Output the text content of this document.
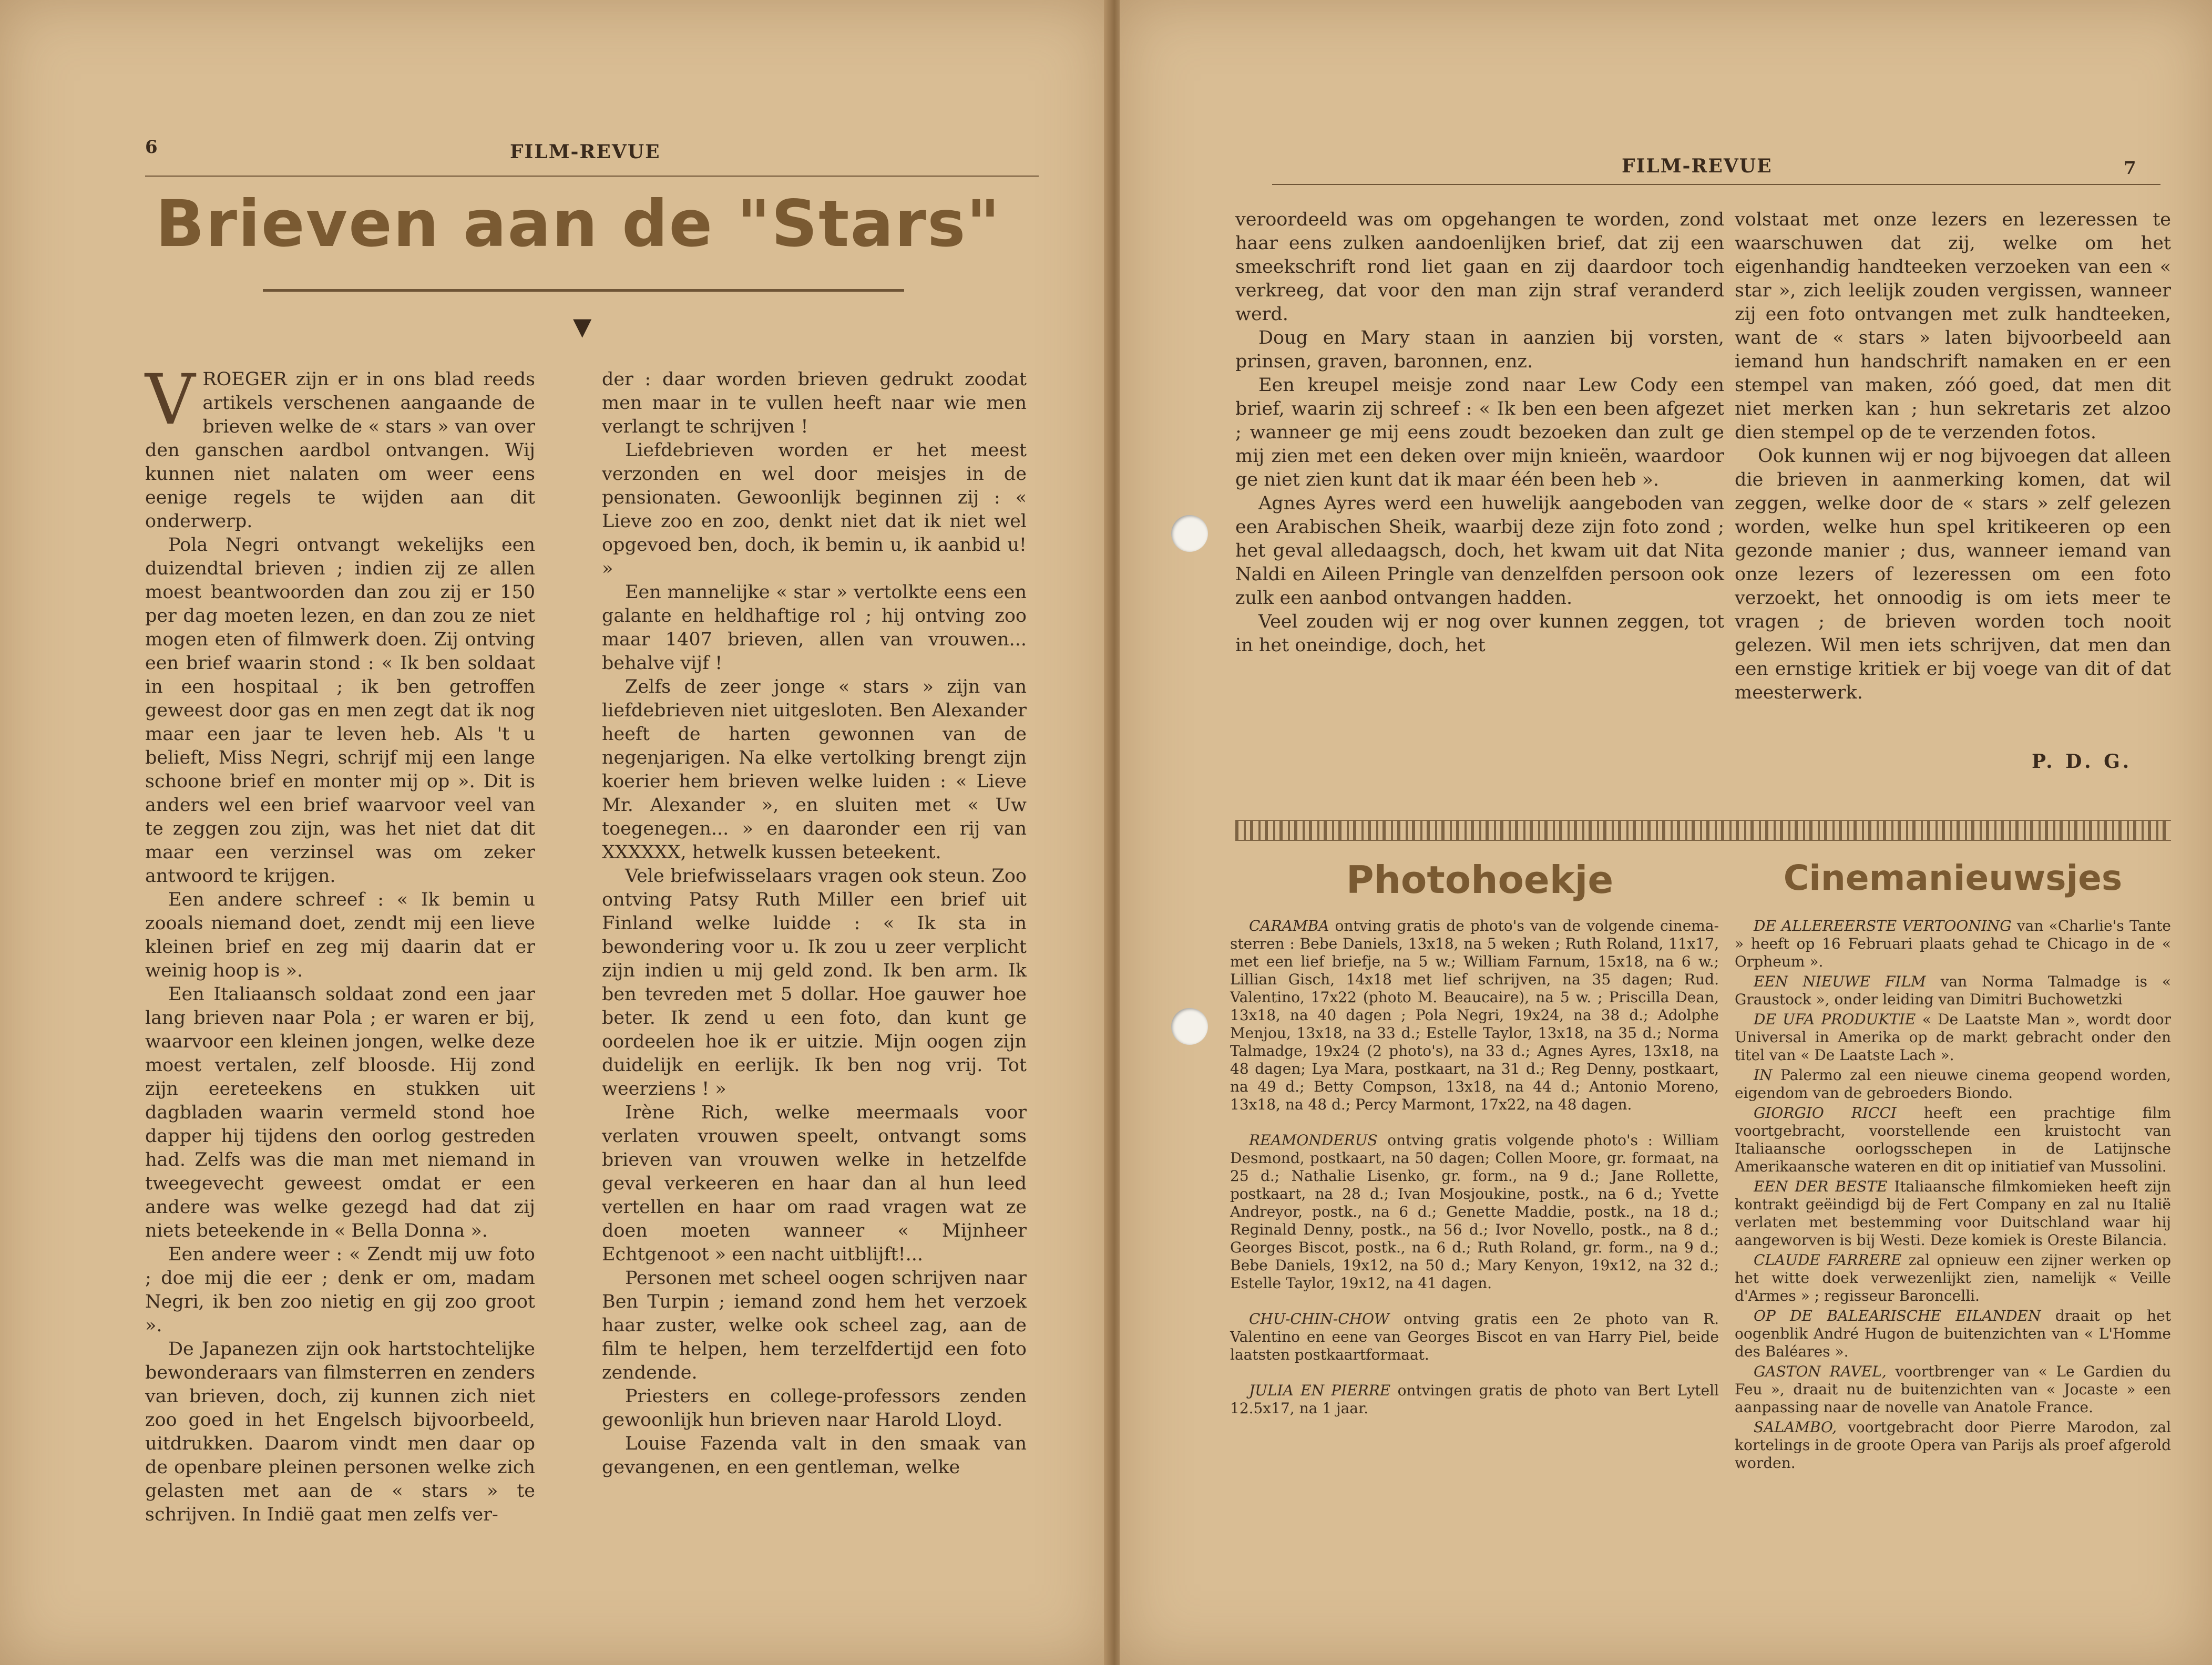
6	FILM-REVUE
Brieven aan de "Stars"
▼

VROEGER zijn er in ons blad reeds artikels verschenen aangaande de brieven welke de « stars » van over den ganschen aardbol ontvangen. Wij kunnen niet nalaten om weer eens eenige regels te wijden aan dit onderwerp.

Pola Negri ontvangt wekelijks een duizendtal brieven ; indien zij ze allen moest beantwoorden dan zou zij er 150 per dag moeten lezen, en dan zou ze niet mogen eten of filmwerk doen. Zij ontving een brief waarin stond : « Ik ben soldaat in een hospitaal ; ik ben getroffen geweest door gas en men zegt dat ik nog maar een jaar te leven heb. Als 't u belieft, Miss Negri, schrijf mij een lange schoone brief en monter mij op ». Dit is anders wel een brief waarvoor veel van te zeggen zou zijn, was het niet dat dit maar een verzinsel was om zeker antwoord te krijgen.

Een andere schreef : « Ik bemin u zooals niemand doet, zendt mij een lieve kleinen brief en zeg mij daarin dat er weinig hoop is ».

Een Italiaansch soldaat zond een jaar lang brieven naar Pola ; er waren er bij, waarvoor een kleinen jongen, welke deze moest vertalen, zelf bloosde. Hij zond zijn eereteekens en stukken uit dagbladen waarin vermeld stond hoe dapper hij tijdens den oorlog gestreden had. Zelfs was die man met niemand in tweegevecht geweest omdat er een andere was welke gezegd had dat zij niets beteekende in « Bella Donna ».

Een andere weer : « Zendt mij uw foto ; doe mij die eer ; denk er om, madam Negri, ik ben zoo nietig en gij zoo groot ».

De Japanezen zijn ook hartstochtelijke bewonderaars van filmsterren en zenders van brieven, doch, zij kunnen zich niet zoo goed in het Engelsch bijvoorbeeld, uitdrukken. Daarom vindt men daar op de openbare pleinen personen welke zich gelasten met aan de « stars » te schrijven. In Indië gaat men zelfs ver-

der : daar worden brieven gedrukt zoodat men maar in te vullen heeft naar wie men verlangt te schrijven !

Liefdebrieven worden er het meest verzonden en wel door meisjes in de pensionaten. Gewoonlijk beginnen zij : « Lieve zoo en zoo, denkt niet dat ik niet wel opgevoed ben, doch, ik bemin u, ik aanbid u! »

Een mannelijke « star » vertolkte eens een galante en heldhaftige rol ; hij ontving zoo maar 1407 brieven, allen van vrouwen... behalve vijf !

Zelfs de zeer jonge « stars » zijn van liefdebrieven niet uitgesloten. Ben Alexander heeft de harten gewonnen van de negenjarigen. Na elke vertolking brengt zijn koerier hem brieven welke luiden : « Lieve Mr. Alexander », en sluiten met « Uw toegenegen... » en daaronder een rij van XXXXXX, hetwelk kussen beteekent.

Vele briefwisselaars vragen ook steun. Zoo ontving Patsy Ruth Miller een brief uit Finland welke luidde : « Ik sta in bewondering voor u. Ik zou u zeer verplicht zijn indien u mij geld zond. Ik ben arm. Ik ben tevreden met 5 dollar. Hoe gauwer hoe beter. Ik zend u een foto, dan kunt ge oordeelen hoe ik er uitzie. Mijn oogen zijn duidelijk en eerlijk. Ik ben nog vrij. Tot weerziens ! »

Irène Rich, welke meermaals voor verlaten vrouwen speelt, ontvangt soms brieven van vrouwen welke in hetzelfde geval verkeeren en haar dan al hun leed vertellen en haar om raad vragen wat ze doen moeten wanneer « Mijnheer Echtgenoot » een nacht uitblijft!...

Personen met scheel oogen schrijven naar Ben Turpin ; iemand zond hem het verzoek haar zuster, welke ook scheel zag, aan de film te helpen, hem terzelfdertijd een foto zendende.

Priesters en college-professors zenden gewoonlijk hun brieven naar Harold Lloyd.

Louise Fazenda valt in den smaak van gevangenen, en een gentleman, welke

FILM-REVUE	7

veroordeeld was om opgehangen te worden, zond haar eens zulken aandoenlijken brief, dat zij een smeekschrift rond liet gaan en zij daardoor toch verkreeg, dat voor den man zijn straf veranderd werd.

Doug en Mary staan in aanzien bij vorsten, prinsen, graven, baronnen, enz.

Een kreupel meisje zond naar Lew Cody een brief, waarin zij schreef : « Ik ben een been afgezet ; wanneer ge mij eens zoudt bezoeken dan zult ge mij zien met een deken over mijn knieën, waardoor ge niet zien kunt dat ik maar één been heb ».

Agnes Ayres werd een huwelijk aangeboden van een Arabischen Sheik, waarbij deze zijn foto zond ; het geval alledaagsch, doch, het kwam uit dat Nita Naldi en Aileen Pringle van denzelfden persoon ook zulk een aanbod ontvangen hadden.

Veel zouden wij er nog over kunnen zeggen, tot in het oneindige, doch, het

volstaat met onze lezers en lezeressen te waarschuwen dat zij, welke om het eigenhandig handteeken verzoeken van een « star », zich leelijk zouden vergissen, wanneer zij een foto ontvangen met zulk handteeken, want de « stars » laten bijvoorbeeld aan iemand hun handschrift namaken en er een stempel van maken, zóó goed, dat men dit niet merken kan ; hun sekretaris zet alzoo dien stempel op de te verzenden fotos.

Ook kunnen wij er nog bijvoegen dat alleen die brieven in aanmerking komen, dat wil zeggen, welke door de « stars » zelf gelezen worden, welke hun spel kritikeeren op een gezonde manier ; dus, wanneer iemand van onze lezers of lezeressen om een foto verzoekt, het onnoodig is om iets meer te vragen ; de brieven worden toch nooit gelezen. Wil men iets schrijven, dat men dan een ernstige kritiek er bij voege van dit of dat meesterwerk.

P. D. G.
Photohoekje	Cinemanieuwsjes

CARAMBA ontving gratis de photo's van de volgende cinema-sterren : Bebe Daniels, 13x18, na 5 weken ; Ruth Roland, 11x17, met een lief briefje, na 5 w.; William Farnum, 15x18, na 6 w.; Lillian Gisch, 14x18 met lief schrijven, na 35 dagen; Rud. Valentino, 17x22 (photo M. Beaucaire), na 5 w. ; Priscilla Dean, 13x18, na 40 dagen ; Pola Negri, 19x24, na 38 d.; Adolphe Menjou, 13x18, na 33 d.; Estelle Taylor, 13x18, na 35 d.; Norma Talmadge, 19x24 (2 photo's), na 33 d.; Agnes Ayres, 13x18, na 48 dagen; Lya Mara, postkaart, na 31 d.; Reg Denny, postkaart, na 49 d.; Betty Compson, 13x18, na 44 d.; Antonio Moreno, 13x18, na 48 d.; Percy Marmont, 17x22, na 48 dagen.

REAMONDERUS ontving gratis volgende photo's : William Desmond, postkaart, na 50 dagen; Collen Moore, gr. formaat, na 25 d.; Nathalie Lisenko, gr. form., na 9 d.; Jane Rollette, postkaart, na 28 d.; Ivan Mosjoukine, postk., na 6 d.; Yvette Andreyor, postk., na 6 d.; Genette Maddie, postk., na 18 d.; Reginald Denny, postk., na 56 d.; Ivor Novello, postk., na 8 d.; Georges Biscot, postk., na 6 d.; Ruth Roland, gr. form., na 9 d.; Bebe Daniels, 19x12, na 50 d.; Mary Kenyon, 19x12, na 32 d.; Estelle Taylor, 19x12, na 41 dagen.

CHU-CHIN-CHOW ontving gratis een 2e photo van R. Valentino en eene van Georges Biscot en van Harry Piel, beide laatsten postkaartformaat.

JULIA EN PIERRE ontvingen gratis de photo van Bert Lytell 12.5x17, na 1 jaar.

DE ALLEREERSTE VERTOONING van «Charlie's Tante » heeft op 16 Februari plaats gehad te Chicago in de « Orpheum ».

EEN NIEUWE FILM van Norma Talmadge is « Graustock », onder leiding van Dimitri Buchowetzki

DE UFA PRODUKTIE « De Laatste Man », wordt door Universal in Amerika op de markt gebracht onder den titel van « De Laatste Lach ».

IN Palermo zal een nieuwe cinema geopend worden, eigendom van de gebroeders Biondo.

GIORGIO RICCI heeft een prachtige film voortgebracht, voorstellende een kruistocht van Italiaansche oorlogsschepen in de Latijnsche Amerikaansche wateren en dit op initiatief van Mussolini.

EEN DER BESTE Italiaansche filmkomieken heeft zijn kontrakt geëindigd bij de Fert Company en zal nu Italië verlaten met bestemming voor Duitschland waar hij aangeworven is bij Westi. Deze komiek is Oreste Bilancia.

CLAUDE FARRERE zal opnieuw een zijner werken op het witte doek verwezenlijkt zien, namelijk « Veille d'Armes » ; regisseur Baroncelli.

OP DE BALEARISCHE EILANDEN draait op het oogenblik André Hugon de buitenzichten van « L'Homme des Baléares ».

GASTON RAVEL, voortbrenger van « Le Gardien du Feu », draait nu de buitenzichten van « Jocaste » een aanpassing naar de novelle van Anatole France.

SALAMBO, voortgebracht door Pierre Marodon, zal kortelings in de groote Opera van Parijs als proef afgerold worden.
